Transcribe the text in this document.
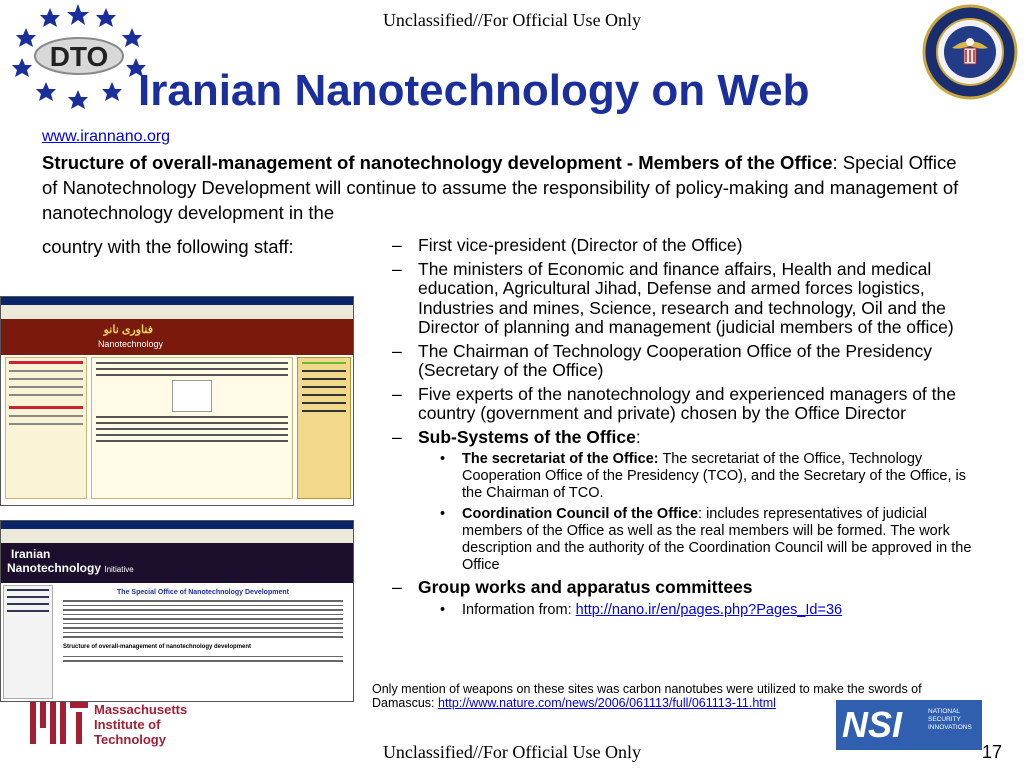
Unclassified//For Official Use Only
Unclassified//For Official Use Only	17
DTO
Iranian Nanotechnology on Web
www.irannano.org
Structure of overall-management of nanotechnology development - Members of the Office: Special Office of Nanotechnology Development will continue to assume the responsibility of policy-making and management of nanotechnology development in the
country with the following staff:	– First vice-president (Director of the Office)
– The ministers of Economic and finance affairs, Health and medical education, Agricultural Jihad, Defense and armed forces logistics, Industries and mines, Science, research and technology, Oil and the Director of planning and management (judicial members of the office)
– The Chairman of Technology Cooperation Office of the Presidency (Secretary of the Office)
– Five experts of the nanotechnology and experienced managers of the country (government and private) chosen by the Office Director
– Sub-Systems of the Office:
• The secretariat of the Office: The secretariat of the Office, Technology Cooperation Office of the Presidency (TCO), and the Secretary of the Office, is the Chairman of TCO.
• Coordination Council of the Office: includes representatives of judicial members of the Office as well as the real members will be formed. The work description and the authority of the Coordination Council will be approved in the Office
– Group works and apparatus committees
• Information from: http://nano.ir/en/pages.php?Pages_Id=36
Only mention of weapons on these sites was carbon nanotubes were utilized to make the swords of Damascus: http://www.nature.com/news/2006/061113/full/061113-11.html
فناوری نانو
Nanotechnology
Iranian
Nanotechnology Initiative
The Special Office of Nanotechnology Development
Structure of overall-management of nanotechnology development
Massachusetts
Institute of
Technology	NSI	NATIONAL SECURITY INNOVATIONS
